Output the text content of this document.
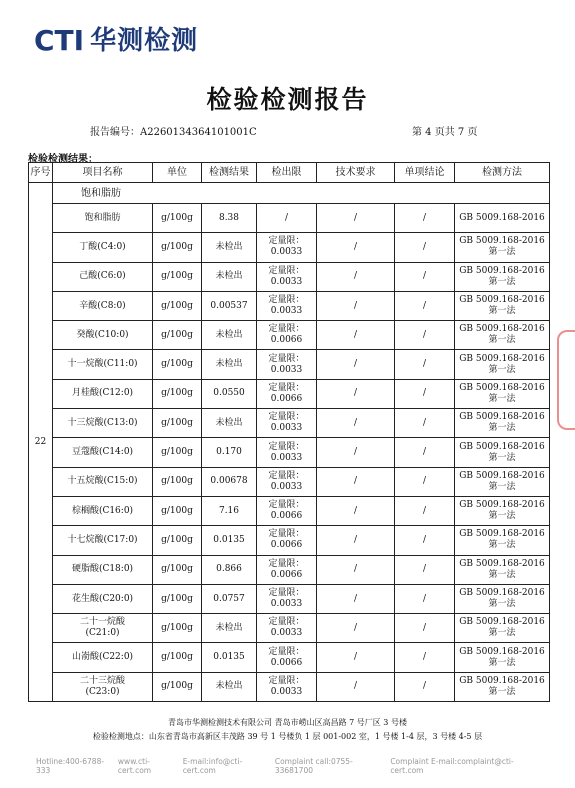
CTI 华测检测
检验检测报告
报告编号：A2260134364101001C	第 4 页共 7 页
检验检测结果：
序号	项目名称	单位	检测结果	检出限	技术要求	单项结论	检测方法
22	饱和脂肪						
	饱和脂肪	g/100g	8.38	/	/	/	GB 5009.168-2016
	丁酸(C4:0)	g/100g	未检出	定量限：
0.0033	/	/	GB 5009.168-2016
第一法
	己酸(C6:0)	g/100g	未检出	定量限：
0.0033	/	/	GB 5009.168-2016
第一法
	辛酸(C8:0)	g/100g	0.00537	定量限：
0.0033	/	/	GB 5009.168-2016
第一法
	癸酸(C10:0)	g/100g	未检出	定量限：
0.0066	/	/	GB 5009.168-2016
第一法
	十一烷酸(C11:0)	g/100g	未检出	定量限：
0.0033	/	/	GB 5009.168-2016
第一法
	月桂酸(C12:0)	g/100g	0.0550	定量限：
0.0066	/	/	GB 5009.168-2016
第一法
	十三烷酸(C13:0)	g/100g	未检出	定量限：
0.0033	/	/	GB 5009.168-2016
第一法
	豆蔻酸(C14:0)	g/100g	0.170	定量限：
0.0033	/	/	GB 5009.168-2016
第一法
	十五烷酸(C15:0)	g/100g	0.00678	定量限：
0.0033	/	/	GB 5009.168-2016
第一法
	棕榈酸(C16:0)	g/100g	7.16	定量限：
0.0066	/	/	GB 5009.168-2016
第一法
	十七烷酸(C17:0)	g/100g	0.0135	定量限：
0.0066	/	/	GB 5009.168-2016
第一法
	硬脂酸(C18:0)	g/100g	0.866	定量限：
0.0066	/	/	GB 5009.168-2016
第一法
	花生酸(C20:0)	g/100g	0.0757	定量限：
0.0033	/	/	GB 5009.168-2016
第一法
	二十一烷酸
(C21:0)	g/100g	未检出	定量限：
0.0033	/	/	GB 5009.168-2016
第一法
	山嵛酸(C22:0)	g/100g	0.0135	定量限：
0.0066	/	/	GB 5009.168-2016
第一法
	二十三烷酸
(C23:0)	g/100g	未检出	定量限：
0.0033	/	/	GB 5009.168-2016
第一法
青岛市华测检测技术有限公司 青岛市崂山区高昌路 7 号厂区 3 号楼
检验检测地点：山东省青岛市高新区丰茂路 39 号 1 号楼负 1 层 001-002 室，1 号楼 1-4 层，3 号楼 4-5 层
Hotline:400-6788-333
www.cti-cert.com
E-mail:info@cti-cert.com
Complaint call:0755-33681700
Complaint E-mail:complaint@cti-cert.com
